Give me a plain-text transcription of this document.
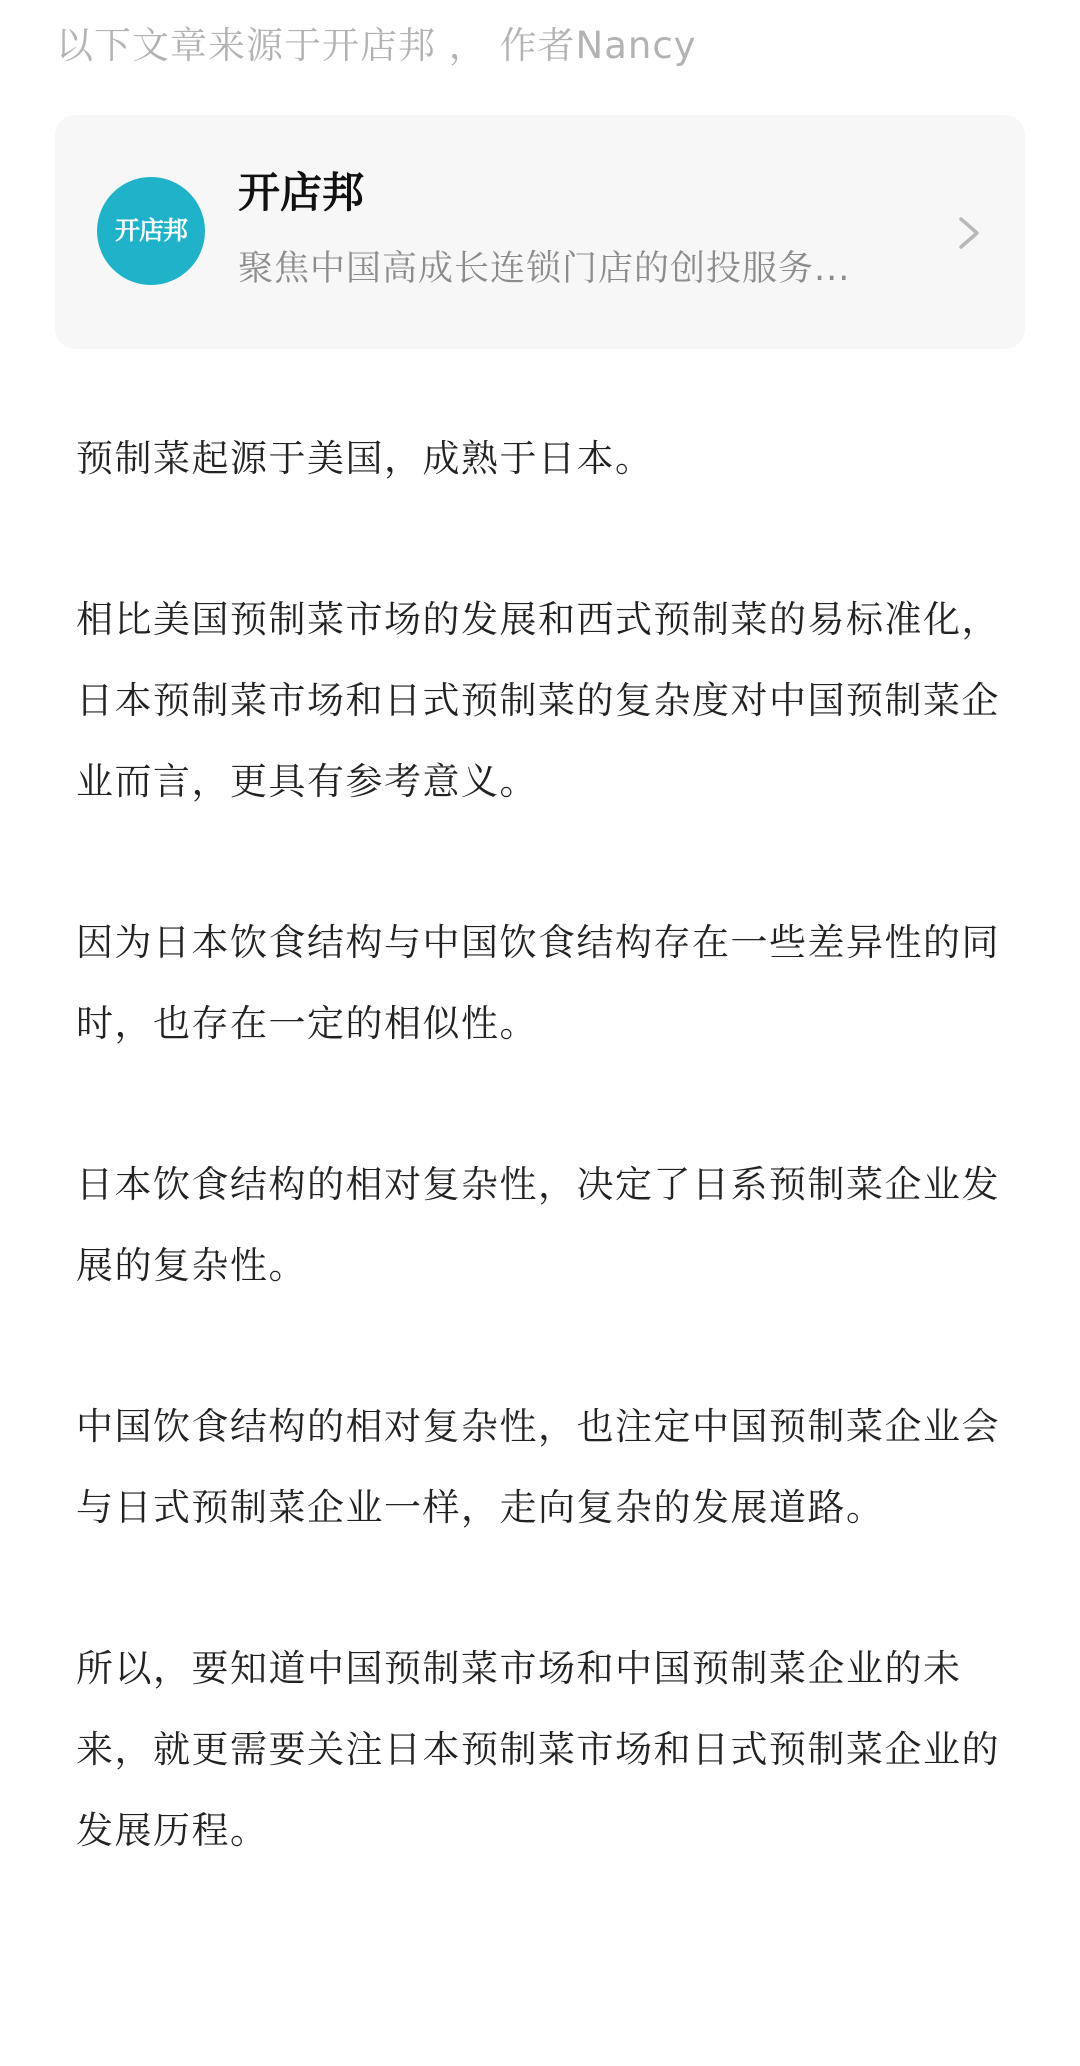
以下文章来源于开店邦 ， 作者Nancy
开店邦
开店邦
聚焦中国高成长连锁门店的创投服务...

预制菜起源于美国，成熟于日本。

相比美国预制菜市场的发展和西式预制菜的易标准化，日本预制菜市场和日式预制菜的复杂度对中国预制菜企业而言，更具有参考意义。

因为日本饮食结构与中国饮食结构存在一些差异性的同时，也存在一定的相似性。

日本饮食结构的相对复杂性，决定了日系预制菜企业发展的复杂性。

中国饮食结构的相对复杂性，也注定中国预制菜企业会与日式预制菜企业一样，走向复杂的发展道路。

所以，要知道中国预制菜市场和中国预制菜企业的未来，就更需要关注日本预制菜市场和日式预制菜企业的发展历程。
